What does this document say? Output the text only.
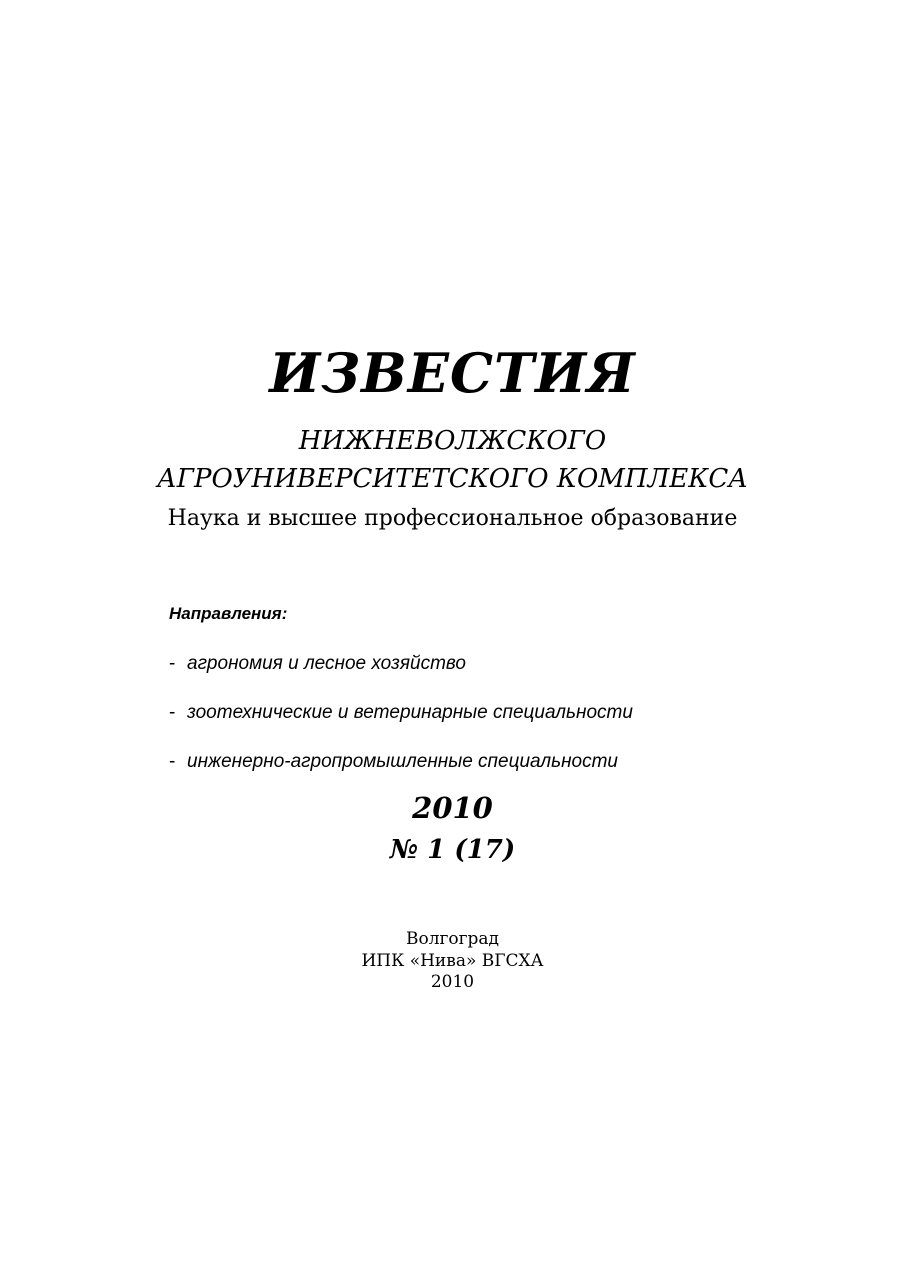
ИЗВЕСТИЯ
НИЖНЕВОЛЖСКОГО
АГРОУНИВЕРСИТЕТСКОГО КОМПЛЕКСА
Наука и высшее профессиональное образование
Направления:
- агрономия и лесное хозяйство
- зоотехнические и ветеринарные специальности
- инженерно-агропромышленные специальности
2010
№ 1 (17)
Волгоград
ИПК «Нива» ВГСХА
2010
